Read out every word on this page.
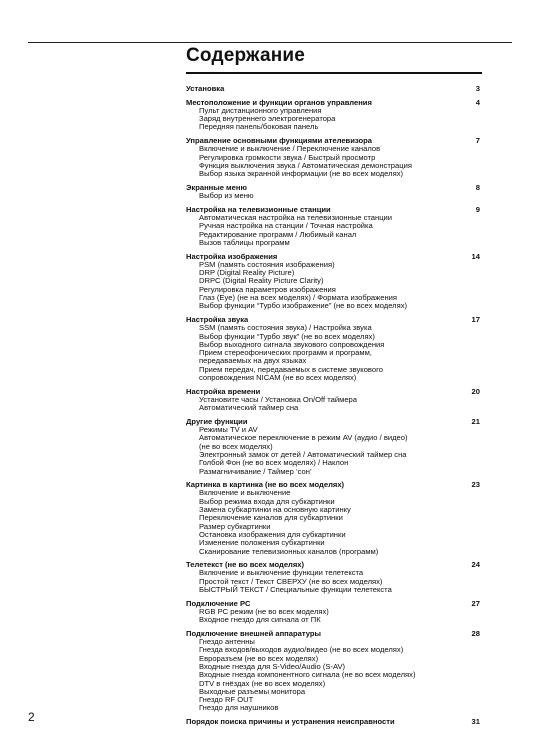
Содержание
Установка	3
Местоположение и функции органов управления	4
Пульт дистанционного управления
Заряд внутреннего электрогенератора
Передняя панель/боковая панель
Управление основными функциями ателевизора	7
Включение и выключение / Переключение каналов
Регулировка громкости звука / Быстрый просмотр
Функция выключения звука / Автоматическая демонстрация
Выбор языка экранной информации (не во всех моделях)
Экранные меню	8
Выбор из меню
Настройка на телевизионные станции	9
Автоматическая настройка на телевизионные станции
Ручная настройка на станции / Точная настройка
Редактирование программ / Любимый канал
Вызов таблицы программ
Настройка изображения	14
PSM (память состояния изображения)
DRP (Digital Reality Picture)
DRPC (Digital Reality Picture Clarity)
Регулировка параметров изображения
Глаз (Eye) (не на всех моделях) / Формата изображения
Выбор функции “Турбо изображение” (не во всех моделях)
Настройка звука	17
SSM (память состояния звука) / Настройка звука
Выбор функции “Турбо звук” (не во всех моделях)
Выбор выходного сигнала звукового сопровождения
Прием стереофонических программ и программ,
передаваемых на двух языках
Прием передач, передаваемых в системе звукового
сопровождения NICAM (не во всех моделях)
Настройка времени	20
Установите часы / Установка On/Off таймера
Автоматический таймер сна
Другие функции	21
Режимы TV и AV
Автоматическое переключение в режим AV (аудио / видео)
(не во всех моделях)
Электронный замок от детей / Автоматический таймер сна
Голбой Фон (не во всех моделях) / Наклон
Размагничивание / Таймер ‘сон’
Картинка в картинка (не во всех моделях)	23
Включение и выключение
Выбор режима входа для субкартинки
Замена субкартинки на основную картинку
Переключение каналов для субкартинки
Размер субкартинки
Остановка изображения для субкартинки
Изменение положения субкартинки
Сканирование телевизионных каналов (программ)
Телетекст (не во всех моделях)	24
Включение и выключение функции телетекста
Простой текст / Текст СВЕРХУ (не во всех моделях)
БЫСТРЫЙ ТЕКСТ / Специальные функции телетекста
Подключение PC	27
RGB PC режим (не во всех моделях)
Входное гнездо для сигнала от ПК
Подключение внешней аппаратуры	28
Гнездо антенны
Гнезда входов/выходов аудио/видео (не во всех моделях)
Евроразъем (не во всех моделях)
Входные гнезда для S-Video/Audio (S-AV)
Входные гнезда компонентного сигнала (не во всех моделях)
DTV в гнёздах (не во всех моделях)
Выходные разъемы монитора
Гнездо RF OUT
Гнездо для наушников
Порядок поиска причины и устранения неисправности	31
2
